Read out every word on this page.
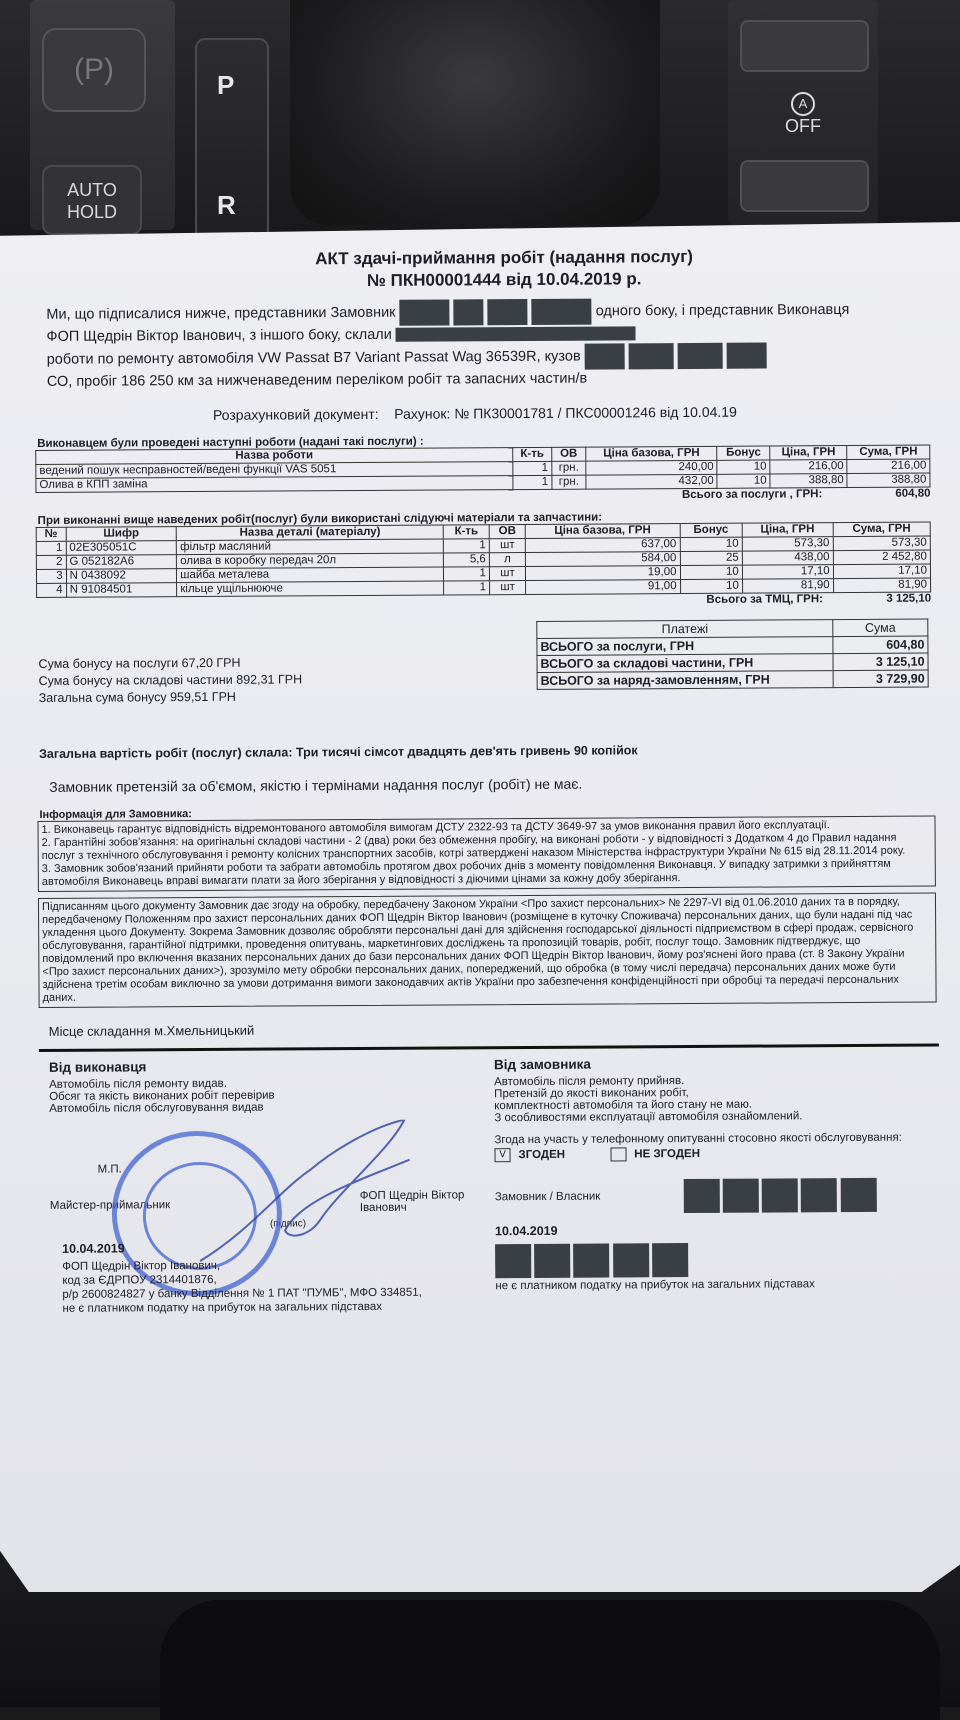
(P)
AUTO
HOLD
P
R
A
OFF
АКТ здачі-приймання робіт (надання послуг)
№ ПКН00001444 від 10.04.2019 р.
Ми, що підписалися нижче, представники Замовник	одного боку, і представник Виконавця
ФОП Щедрін Віктор Іванович, з іншого боку, склали
роботи по ремонту автомобіля VW Passat B7 Variant Passat Wag 36539R, кузов
СО, пробіг 186 250 км за нижченаведеним переліком робіт та запасних частин/в
Розрахунковий документ: Рахунок: № ПК30001781 / ПКС00001246 від 10.04.19
Виконавцем були проведені наступні роботи (надані такі послуги) :
Назва роботи	К-ть	ОВ	Ціна базова, ГРН	Бонус	Ціна, ГРН	Сума, ГРН
ведений пошук несправностей/ведені функції VAS 5051	1	грн.	240,00	10	216,00	216,00
Олива в КПП заміна	1	грн.	432,00	10	388,80	388,80
Всього за послуги , ГРН:	604,80
При виконанні вище наведених робіт(послуг) були використані слідуючі матеріали та запчастини:
№	Шифр	Назва деталі (матеріалу)	К-ть	ОВ	Ціна базова, ГРН	Бонус	Ціна, ГРН	Сума, ГРН
1	02E305051C	фільтр масляний	1	шт	637,00	10	573,30	573,30
2	G 052182A6	олива в коробку передач 20л	5,6	л	584,00	25	438,00	2 452,80
3	N 0438092	шайба металева	1	шт	19,00	10	17,10	17,10
4	N 91084501	кільце ущільнююче	1	шт	91,00	10	81,90	81,90
Всього за ТМЦ, ГРН:	3 125,10
Сума бонусу на послуги 67,20 ГРН
Сума бонусу на складові частини 892,31 ГРН
Загальна сума бонусу 959,51 ГРН
Платежі	Сума
ВСЬОГО за послуги, ГРН	604,80
ВСЬОГО за складові частини, ГРН	3 125,10
ВСЬОГО за наряд-замовленням, ГРН	3 729,90
Загальна вартість робіт (послуг) склала: Три тисячі сімсот двадцять дев'ять гривень 90 копійок
Замовник претензій за об'ємом, якістю і термінами надання послуг (робіт) не має.
Інформація для Замовника:
1. Виконавець гарантує відповідність відремонтованого автомобіля вимогам ДСТУ 2322-93 та ДСТУ 3649-97 за умов виконання правил його експлуатації.
2. Гарантійні зобов'язання: на оригінальні складові частини - 2 (два) роки без обмеження пробігу, на виконані роботи - у відповідності з Додатком 4 до Правил надання послуг з технічного обслуговування і ремонту колісних транспортних засобів, котрі затверджені наказом Міністерства інфраструктури України № 615 від 28.11.2014 року.
3. Замовник зобов'язаний прийняти роботи та забрати автомобіль протягом двох робочих днів з моменту повідомлення Виконавця. У випадку затримки з прийняттям автомобіля Виконавець вправі вимагати плати за його зберігання у відповідності з діючими цінами за кожну добу зберігання.
Підписанням цього документу Замовник дає згоду на обробку, передбачену Законом України <Про захист персональних> № 2297-VI від 01.06.2010 даних та в порядку, передбаченому Положенням про захист персональних даних ФОП Щедрін Віктор Іванович (розміщене в куточку Споживача) персональних даних, що були надані під час укладення цього Документу. Зокрема Замовник дозволяє обробляти персональні дані для здійснення господарської діяльності підприємством в сфері продаж, сервісного обслуговування, гарантійної підтримки, проведення опитувань, маркетингових досліджень та пропозицій товарів, робіт, послуг тощо. Замовник підтверджує, що повідомлений про включення вказаних персональних даних до бази персональних даних ФОП Щедрін Віктор Іванович, йому роз'яснені його права (ст. 8 Закону України <Про захист персональних даних>), зрозуміло мету обробки персональних даних, попереджений, що обробка (в тому числі передача) персональних даних може бути здійснена третім особам виключно за умови дотримання вимоги законодавчих актів України про забезпечення конфіденційності при обробці та передачі персональних даних.
Місце складання м.Хмельницький
Від виконавця
Автомобіль після ремонту видав.
Обсяг та якість виконаних робіт перевірив
Автомобіль після обслуговування видав
М.П.
Майстер-приймальник
(підпис)
ФОП Щедрін Віктор Іванович
10.04.2019
ФОП Щедрін Віктор Іванович,
код за ЄДРПОУ 2314401876,
р/р 2600824827 у банку Відділення № 1 ПАТ "ПУМБ", МФО 334851,
не є платником податку на прибуток на загальних підставах
Від замовника
Автомобіль після ремонту прийняв.
Претензій до якості виконаних робіт,
комплектності автомобіля та його стану не маю.
З особливостями експлуатації автомобіля ознайомлений.
Згода на участь у телефонному опитуванні стосовно якості обслуговування:
V ЗГОДЕН	НЕ ЗГОДЕН
Замовник / Власник
10.04.2019

не є платником податку на прибуток на загальних підставах
